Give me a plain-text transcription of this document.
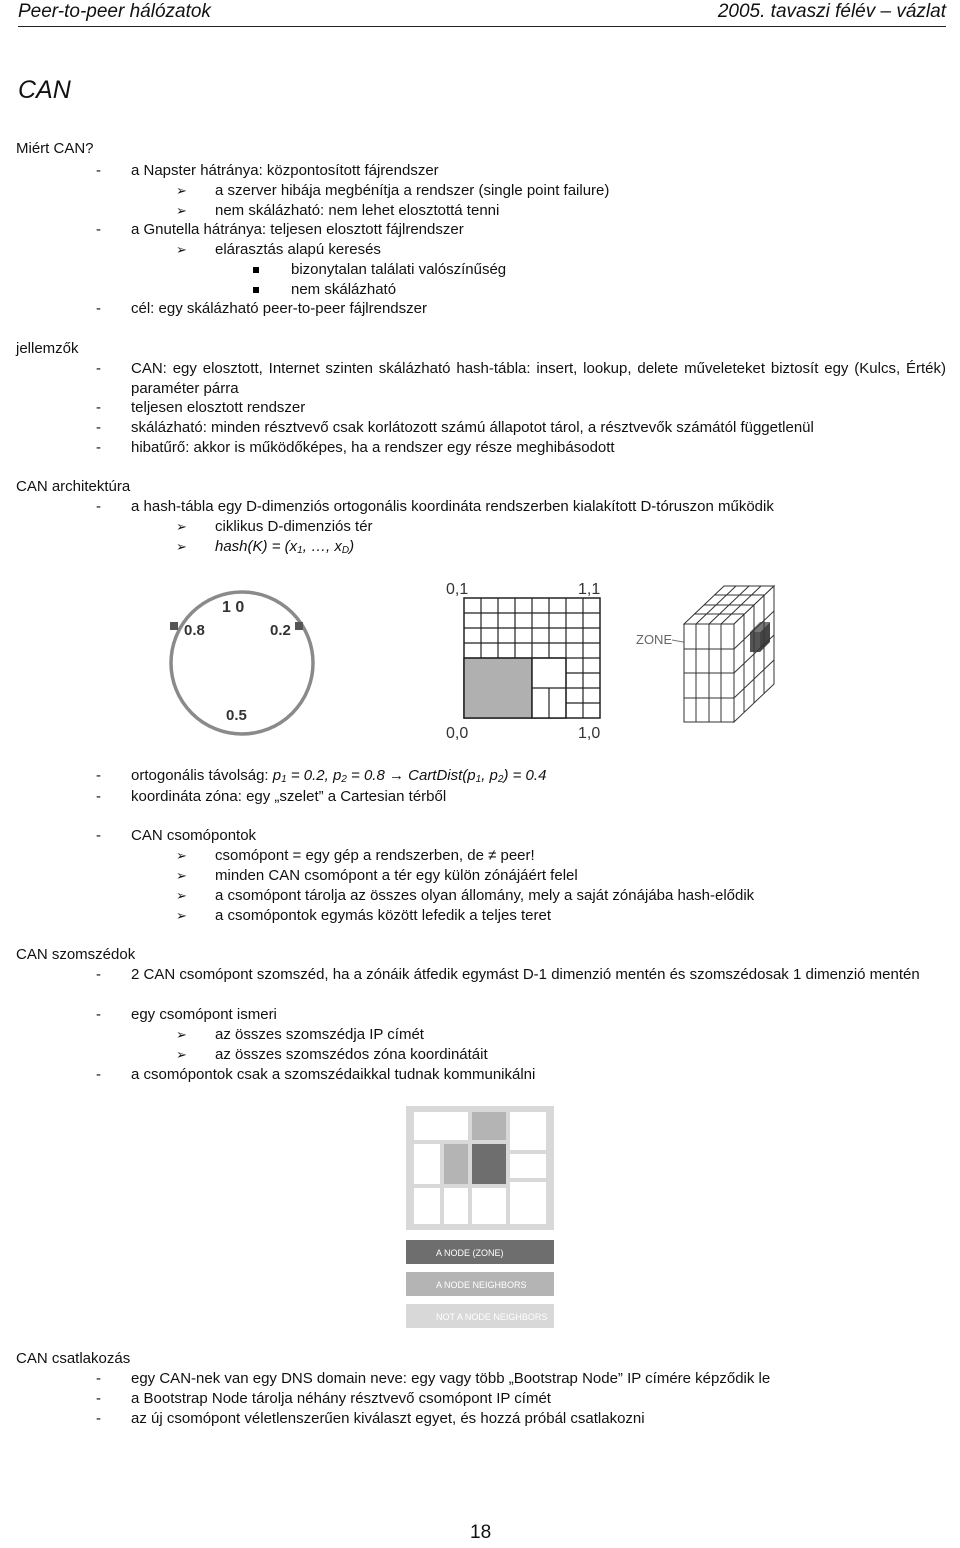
Peer-to-peer hálózatok	2005. tavaszi félév – vázlat
CAN
Miért CAN?
- a Napster hátránya: központosított fájrendszer
➢ a szerver hibája megbénítja a rendszer (single point failure)
➢ nem skálázható: nem lehet elosztottá tenni
- a Gnutella hátránya: teljesen elosztott fájlrendszer
➢ elárasztás alapú keresés
bizonytalan találati valószínűség
nem skálázható
- cél: egy skálázható peer-to-peer fájlrendszer
jellemzők
- CAN: egy elosztott, Internet szinten skálázható hash-tábla: insert, lookup, delete műveleteket biztosít egy (Kulcs, Érték) paraméter párra
- teljesen elosztott rendszer
- skálázható: minden résztvevő csak korlátozott számú állapotot tárol, a résztvevők számától függetlenül
- hibatűrő: akkor is működőképes, ha a rendszer egy része meghibásodott
CAN architektúra
- a hash-tábla egy D-dimenziós ortogonális koordináta rendszerben kialakított D-tóruszon működik
➢ ciklikus D-dimenziós tér
➢ hash(K) = ($x_1$, …, $x_D$)
1 0
0.8	0.2
0.5
0,1	1,1
0,0	1,0
ZONE
- ortogonális távolság: $p_1 = 0.2$, $p_2 = 0.8$ → $CartDist(p_1$, $p_2) = 0.4$
- koordináta zóna: egy „szelet” a Cartesian térből
- CAN csomópontok
➢ csomópont = egy gép a rendszerben, de ≠ peer!
➢ minden CAN csomópont a tér egy külön zónájáért felel
➢ a csomópont tárolja az összes olyan állomány, mely a saját zónájába hash-elődik
➢ a csomópontok egymás között lefedik a teljes teret
CAN szomszédok
- 2 CAN csomópont szomszéd, ha a zónáik átfedik egymást D-1 dimenzió mentén és szomszédosak 1 dimenzió mentén
- egy csomópont ismeri
➢ az összes szomszédja IP címét
➢ az összes szomszédos zóna koordinátáit
- a csomópontok csak a szomszédaikkal tudnak kommunikálni
A NODE (ZONE)
A NODE NEIGHBORS
NOT A NODE NEIGHBORS
CAN csatlakozás
- egy CAN-nek van egy DNS domain neve: egy vagy több „Bootstrap Node” IP címére képződik le
- a Bootstrap Node tárolja néhány résztvevő csomópont IP címét
- az új csomópont véletlenszerűen kiválaszt egyet, és hozzá próbál csatlakozni
18
